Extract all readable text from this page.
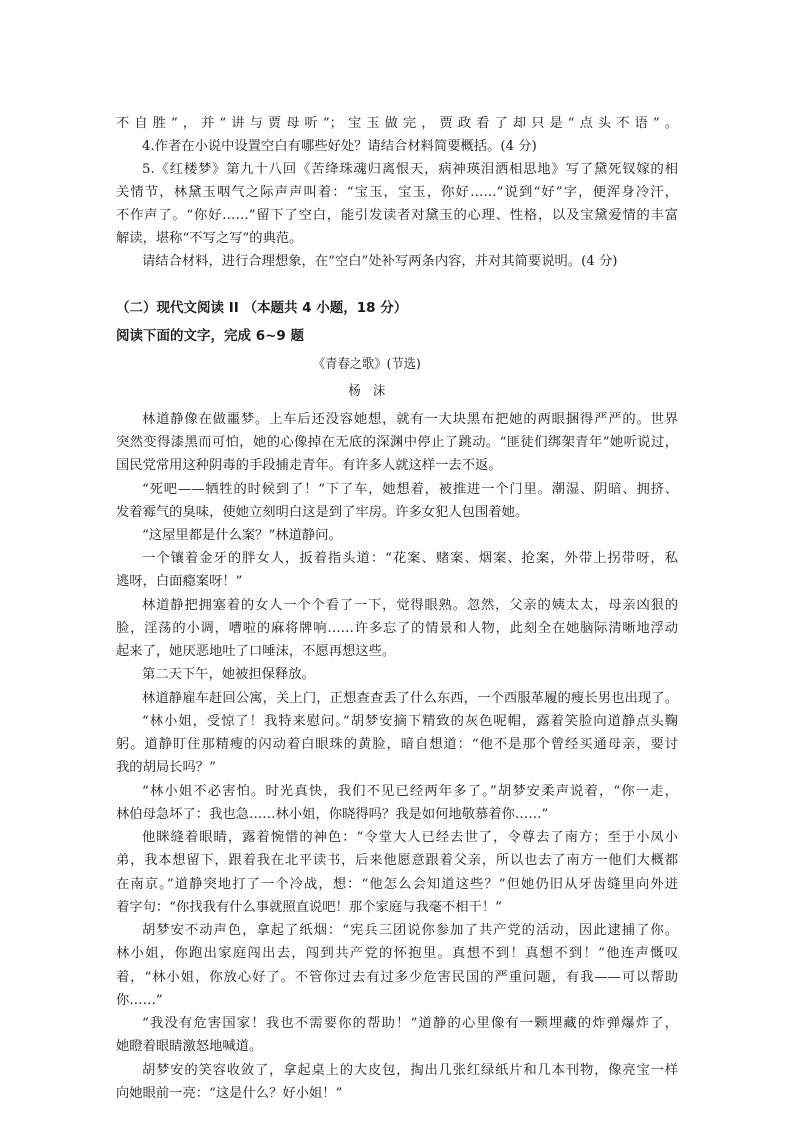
不自胜”，并“讲与贾母听”；宝玉做完，贾政看了却只是“点头不语”。
4.作者在小说中设置空白有哪些好处？请结合材料简要概括。(4 分)
5.《红楼梦》第九十八回《苦绛珠魂归离恨天，病神瑛泪洒相思地》写了黛死钗嫁的相
关情节，林黛玉咽气之际声声叫着：“宝玉，宝玉，你好……”说到“好”字，便浑身冷汗，
不作声了。“你好……”留下了空白，能引发读者对黛玉的心理、性格，以及宝黛爱情的丰富
解读，堪称“不写之写”的典范。
请结合材料，进行合理想象，在“空白”处补写两条内容，并对其简要说明。(4 分)
（二）现代文阅读 II （本题共 4 小题，18 分）
阅读下面的文字，完成 6~9 题
《青春之歌》(节选)
杨　沫
林道静像在做噩梦。上车后还没容她想，就有一大块黑布把她的两眼捆得严严的。世界
突然变得漆黑而可怕，她的心像掉在无底的深渊中停止了跳动。“匪徒们绑架青年”她听说过，
国民党常用这种阴毒的手段捕走青年。有许多人就这样一去不返。
“死吧——牺牲的时候到了！”下了车，她想着，被推进一个门里。潮湿、阴暗、拥挤、
发着霉气的臭味，使她立刻明白这是到了牢房。许多女犯人包围着她。
“这屋里都是什么案？”林道静问。
一个镶着金牙的胖女人，扳着指头道：“花案、赌案、烟案、抢案，外带上拐带呀，私
逃呀，白面瘾案呀！”
林道静把拥塞着的女人一个个看了一下，觉得眼熟。忽然，父亲的姨太太，母亲凶狠的
脸，淫荡的小调，嘈啦的麻将牌响……许多忘了的情景和人物，此刻全在她脑际清晰地浮动
起来了，她厌恶地吐了口唾沫，不愿再想这些。
第二天下午，她被担保释放。
林道静雇车赶回公寓，关上门，正想查查丢了什么东西，一个西服革履的瘦长男也出现了。
“林小姐，受惊了！我特来慰问。”胡梦安摘下精致的灰色呢帽，露着笑脸向道静点头鞠
躬。道静盯住那精瘦的闪动着白眼珠的黄脸，暗自想道：“他不是那个曾经买通母亲，要讨
我的胡局长吗？”
“林小姐不必害怕。时光真快，我们不见已经两年多了。”胡梦安柔声说着，“你一走，
林伯母急坏了：我也急……林小姐，你晓得吗？我是如何地敬慕着你……”
他眯缝着眼睛，露着惋惜的神色：“令堂大人已经去世了，令尊去了南方；至于小凤小
弟，我本想留下，跟着我在北平读书，后来他愿意跟着父亲，所以也去了南方一他们大概都
在南京。”道静突地打了一个冷战，想：“他怎么会知道这些？”但她仍旧从牙齿缝里向外迸
着字句：“你找我有什么事就照直说吧！那个家庭与我毫不相干！”
胡梦安不动声色，拿起了纸烟：“宪兵三团说你参加了共产党的活动，因此逮捕了你。
林小姐，你跑出家庭闯出去，闯到共产党的怀抱里。真想不到！真想不到！”他连声慨叹
着，“林小姐，你放心好了。不管你过去有过多少危害民国的严重问题，有我——可以帮助
你……”
“我没有危害国家！我也不需要你的帮助！”道静的心里像有一颗埋藏的炸弹爆炸了，
她瞪着眼睛激怒地喊道。
胡梦安的笑容收敛了，拿起桌上的大皮包，掏出几张红绿纸片和几本刊物，像亮宝一样
向她眼前一亮：“这是什么？好小姐！”
